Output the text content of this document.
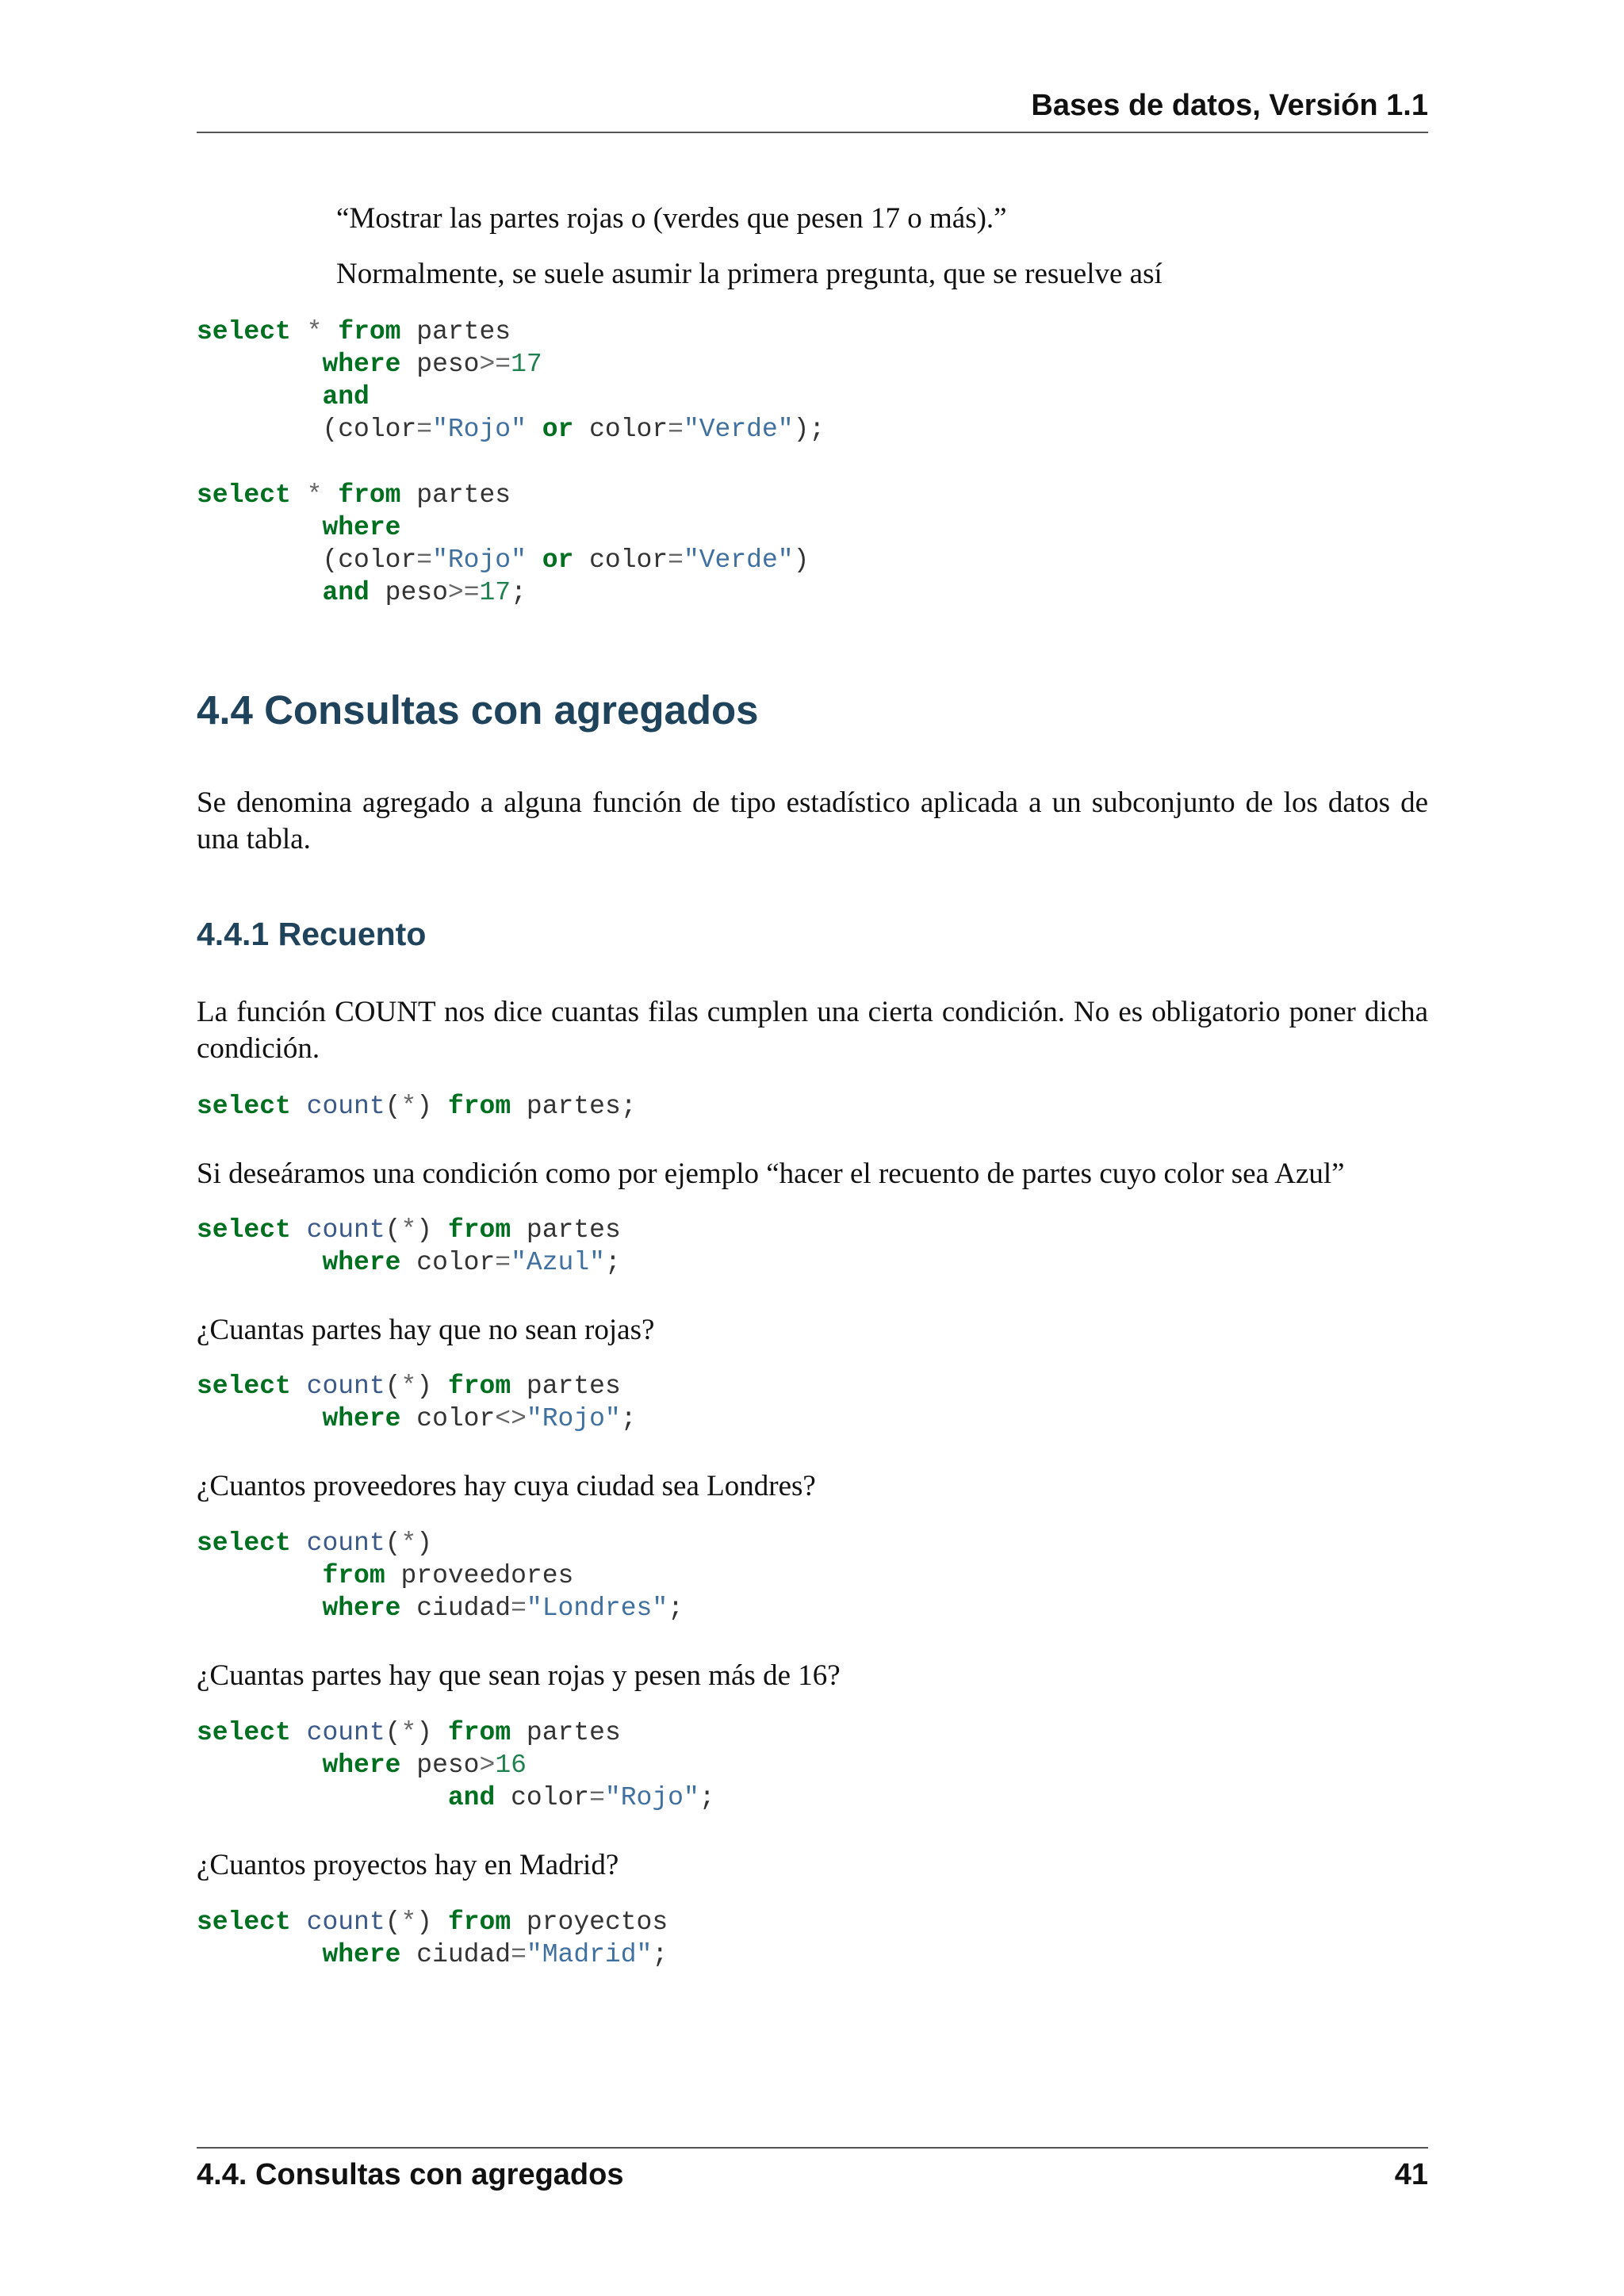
Bases de datos, Versión 1.1

“Mostrar las partes rojas o (verdes que pesen 17 o más).”

Normalmente, se suele asumir la primera pregunta, que se resuelve así

select * from partes
where peso>=17
and
(color="Rojo" or color="Verde");
select * from partes
where
(color="Rojo" or color="Verde")
and peso>=17;
4.4 Consultas con agregados

Se denomina agregado a alguna función de tipo estadístico aplicada a un subconjunto de los datos de una tabla.

4.4.1 Recuento

La función COUNT nos dice cuantas filas cumplen una cierta condición. No es obligatorio poner dicha condición.

select count(*) from partes;

Si deseáramos una condición como por ejemplo “hacer el recuento de partes cuyo color sea Azul”

select count(*) from partes
where color="Azul";

¿Cuantas partes hay que no sean rojas?

select count(*) from partes
where color<>"Rojo";

¿Cuantos proveedores hay cuya ciudad sea Londres?

select count(*)
from proveedores
where ciudad="Londres";

¿Cuantas partes hay que sean rojas y pesen más de 16?

select count(*) from partes
where peso>16
and color="Rojo";

¿Cuantos proyectos hay en Madrid?

select count(*) from proyectos
where ciudad="Madrid";
4.4. Consultas con agregados	41
